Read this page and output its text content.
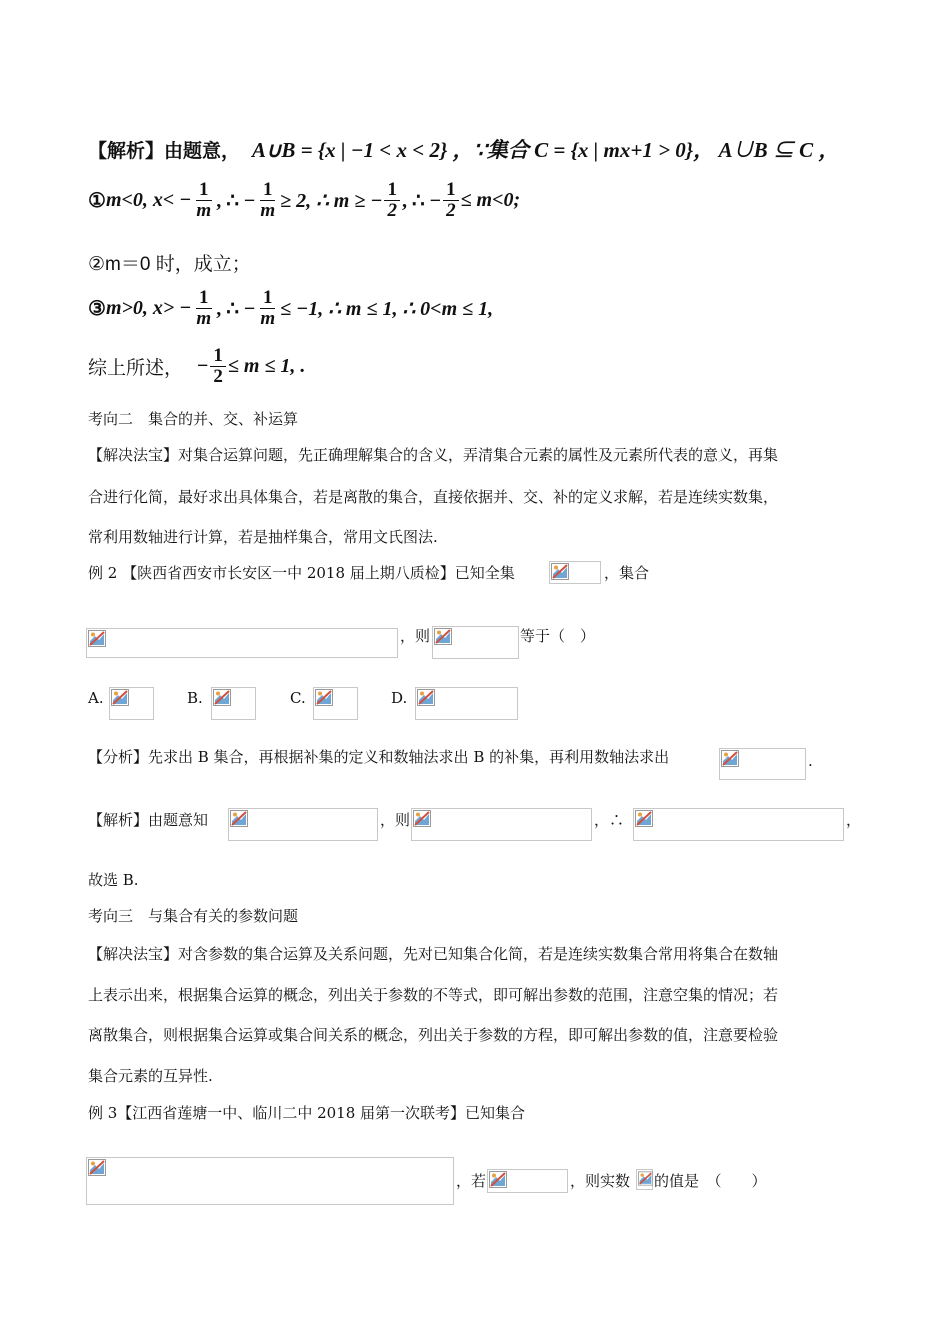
【解析】由题意， A∪B = {x | −1 < x < 2} ，∵集合 C = {x | mx+1 > 0}， A∪B ⊆ C ，
① m<0, $x< - \frac{1}{m}$ , ∴ − $\frac{1}{m} \ge 2$, ∴ m ≥ − $\frac{1}{2}$ , ∴ − $\frac{1}{2} \le m<0$;
②m＝0 时，成立；
③ m>0, $x> - \frac{1}{m}$ , ∴ − $\frac{1}{m} \le -1$, ∴ m ≤ 1, ∴ 0<m ≤ 1,
综上所述， − $\frac{1}{2} \le m \le 1$, .
考向二　集合的并、交、补运算
【解决法宝】对集合运算问题，先正确理解集合的含义，弄清集合元素的属性及元素所代表的意义，再集
合进行化简，最好求出具体集合，若是离散的集合，直接依据并、交、补的定义求解，若是连续实数集，
常利用数轴进行计算，若是抽样集合，常用文氏图法.
例 2 【陕西省西安市长安区一中 2018 届上期八质检】已知全集	，集合
，则	等于（　）
A.	B.	C.	D.
【分析】先求出 B 集合，再根据补集的定义和数轴法求出 B 的补集，再利用数轴法求出	.
【解析】由题意知	，则	，∴	，
故选 B.
考向三　与集合有关的参数问题
【解决法宝】对含参数的集合运算及关系问题，先对已知集合化简，若是连续实数集合常用将集合在数轴
上表示出来，根据集合运算的概念，列出关于参数的不等式，即可解出参数的范围，注意空集的情况；若
离散集合，则根据集合运算或集合间关系的概念，列出关于参数的方程，即可解出参数的值，注意要检验
集合元素的互异性.
例 3【江西省莲塘一中、临川二中 2018 届第一次联考】已知集合
，若	，则实数 的值是　（　　）
